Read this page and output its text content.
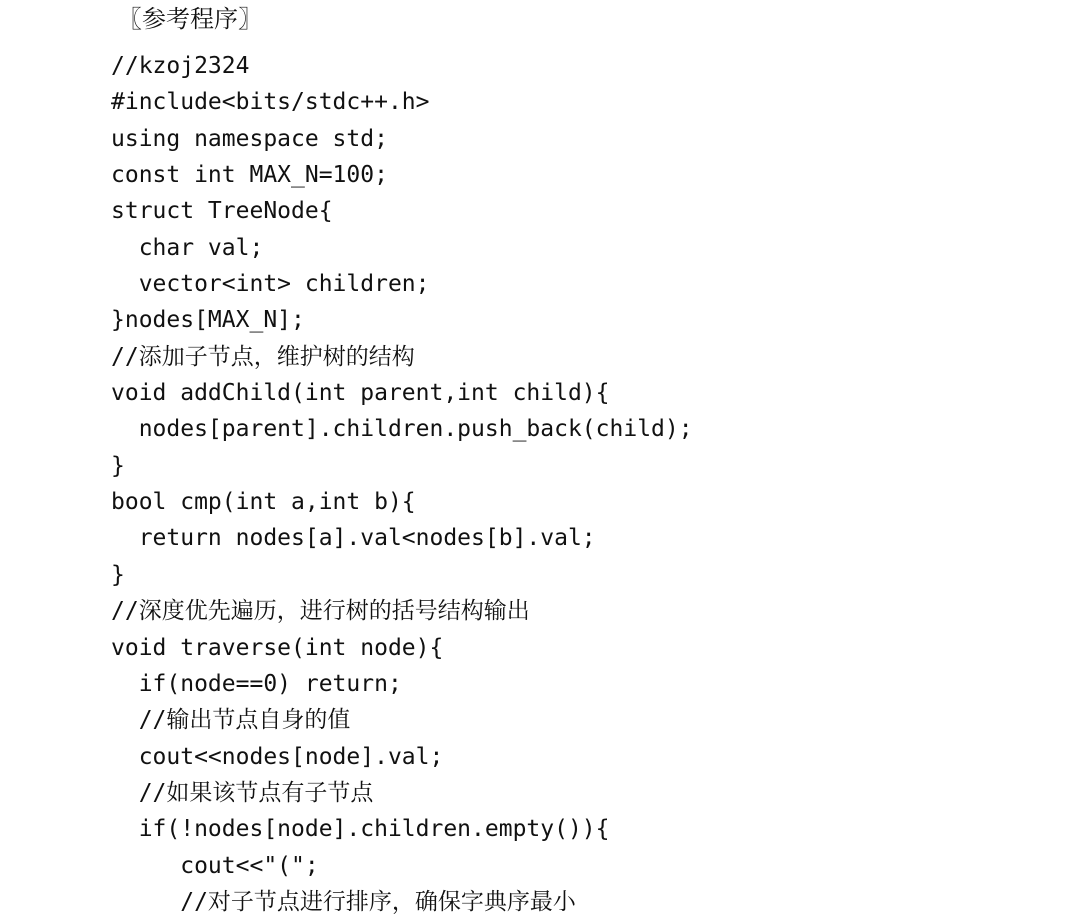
〖参考程序〗
//kzoj2324
#include<bits/stdc++.h>
using namespace std;
const int MAX_N=100;
struct TreeNode{
char val;
vector<int> children;
}nodes[MAX_N];
//添加子节点，维护树的结构
void addChild(int parent,int child){
nodes[parent].children.push_back(child);
}
bool cmp(int a,int b){
return nodes[a].val<nodes[b].val;
}
//深度优先遍历，进行树的括号结构输出
void traverse(int node){
if(node==0) return;
//输出节点自身的值
cout<<nodes[node].val;
//如果该节点有子节点
if(!nodes[node].children.empty()){
cout<<"(";
//对子节点进行排序，确保字典序最小
